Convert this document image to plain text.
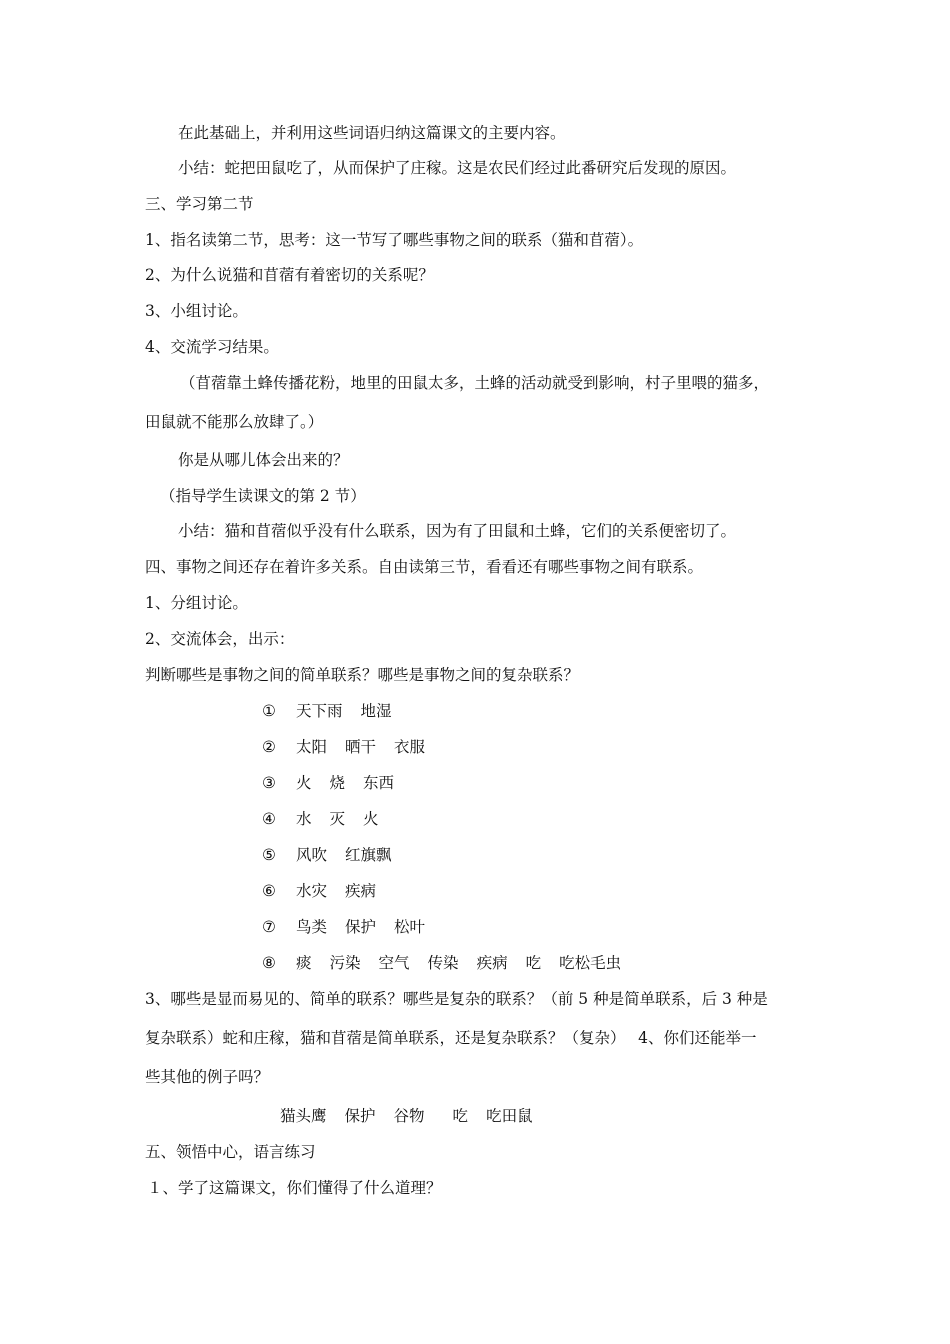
在此基础上，并利用这些词语归纳这篇课文的主要内容。
小结：蛇把田鼠吃了，从而保护了庄稼。这是农民们经过此番研究后发现的原因。
三、学习第二节
1、指名读第二节，思考：这一节写了哪些事物之间的联系（猫和苜蓿）。
2、为什么说猫和苜蓿有着密切的关系呢？
3、小组讨论。
4、交流学习结果。
（苜蓿靠土蜂传播花粉，地里的田鼠太多，土蜂的活动就受到影响，村子里喂的猫多，
田鼠就不能那么放肆了。）
你是从哪儿体会出来的？
（指导学生读课文的第 2 节）
小结：猫和苜蓿似乎没有什么联系，因为有了田鼠和土蜂，它们的关系便密切了。
四、事物之间还存在着许多关系。自由读第三节，看看还有哪些事物之间有联系。
1、分组讨论。
2、交流体会，出示：
判断哪些是事物之间的简单联系？哪些是事物之间的复杂联系？
① 天下雨 地湿
② 太阳 晒干 衣服
③ 火 烧 东西
④ 水 灭 火
⑤ 风吹 红旗飘
⑥ 水灾 疾病
⑦ 鸟类 保护 松叶
⑧ 痰 污染 空气 传染 疾病 吃 吃松毛虫
3、哪些是显而易见的、简单的联系？哪些是复杂的联系？（前 5 种是简单联系，后 3 种是
复杂联系）蛇和庄稼，猫和苜蓿是简单联系，还是复杂联系？（复杂）　 4、你们还能举一
些其他的例子吗？
猫头鹰 保护 谷物 吃 吃田鼠
五、领悟中心，语言练习
１、学了这篇课文，你们懂得了什么道理？
